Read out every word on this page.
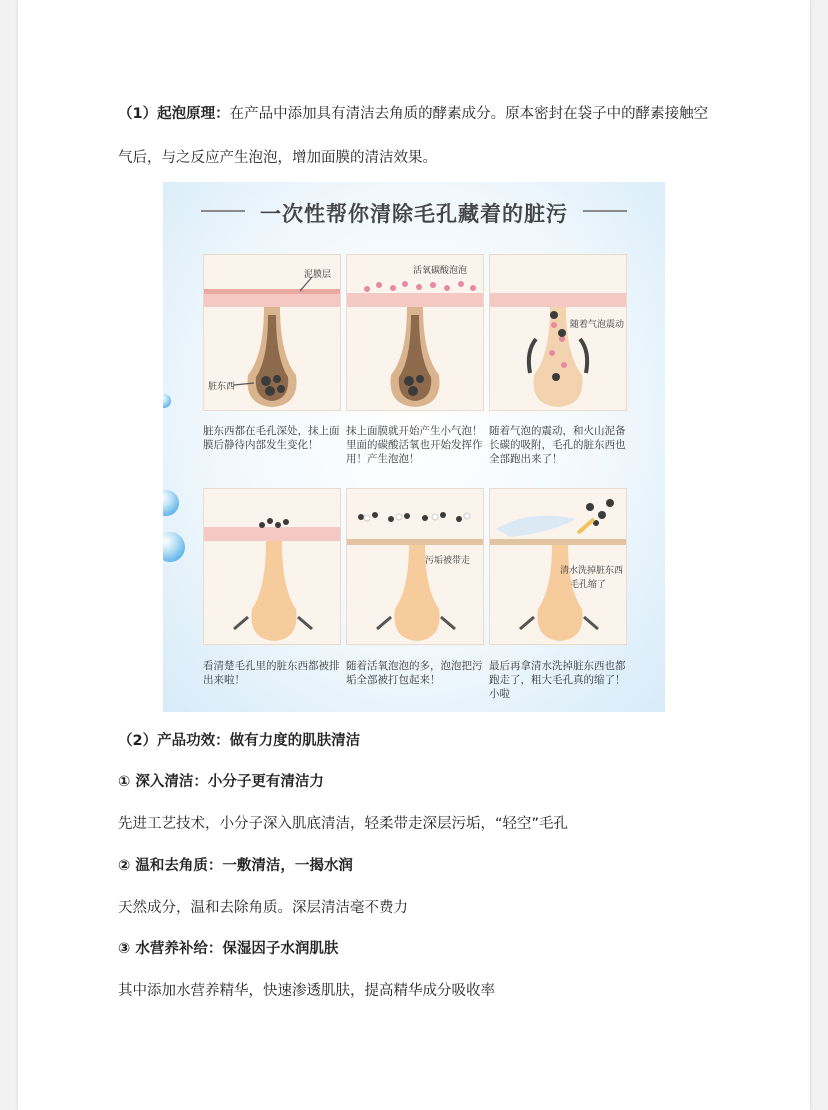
（1）起泡原理：在产品中添加具有清洁去角质的酵素成分。原本密封在袋子中的酵素接触空
气后，与之反应产生泡泡，增加面膜的清洁效果。
一次性帮你清除毛孔藏着的脏污
泥膜层
脏东西
脏东西都在毛孔深处，抹上面膜后静待内部发生变化！
活氧碳酸泡泡
抹上面膜就开始产生小气泡！里面的碳酸活氧也开始发挥作用！产生泡泡！
随着气泡震动
随着气泡的震动，和火山泥备长碳的吸附，毛孔的脏东西也全部跑出来了！
看清楚毛孔里的脏东西都被排出来啦！
污垢被带走
随着活氧泡泡的多，泡泡把污垢全部被打包起来！
清水洗掉脏东西
毛孔缩了
最后再拿清水洗掉脏东西也都跑走了，粗大毛孔真的缩了！小啦
（2）产品功效：做有力度的肌肤清洁
① 深入清洁：小分子更有清洁力
先进工艺技术，小分子深入肌底清洁，轻柔带走深层污垢，“轻空”毛孔
② 温和去角质：一敷清洁，一揭水润
天然成分，温和去除角质。深层清洁毫不费力
③ 水营养补给：保湿因子水润肌肤
其中添加水营养精华，快速渗透肌肤，提高精华成分吸收率
